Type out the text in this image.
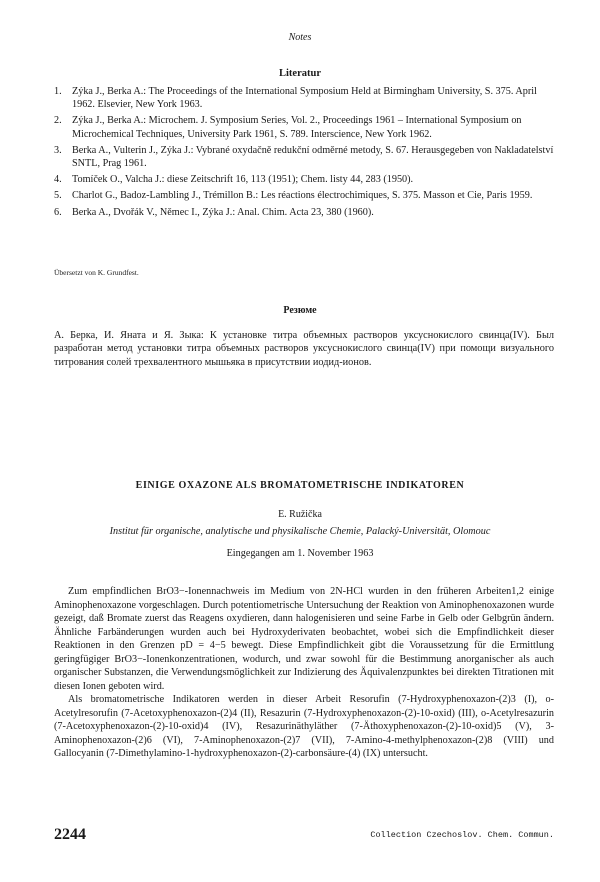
Notes
Literatur
1. Zýka J., Berka A.: The Proceedings of the International Symposium Held at Birmingham University, S. 375. April 1962. Elsevier, New York 1963.
2. Zýka J., Berka A.: Microchem. J. Symposium Series, Vol. 2., Proceedings 1961 – International Symposium on Microchemical Techniques, University Park 1961, S. 789. Interscience, New York 1962.
3. Berka A., Vulterin J., Zýka J.: Vybrané oxydačně redukční odměrné metody, S. 67. Herausgegeben von Nakladatelství SNTL, Prag 1961.
4. Tomíček O., Valcha J.: diese Zeitschrift 16, 113 (1951); Chem. listy 44, 283 (1950).
5. Charlot G., Badoz-Lambling J., Trémillon B.: Les réactions électrochimiques, S. 375. Masson et Cie, Paris 1959.
6. Berka A., Dvořák V., Němec I., Zýka J.: Anal. Chim. Acta 23, 380 (1960).
Übersetzt von K. Grundfest.
Резюме

А. Берка, И. Яната и Я. Зыка: К установке титра объемных растворов уксуснокислого свинца(IV). Был разработан метод установки титра объемных растворов уксуснокислого свинца(IV) при помощи визуального титрования солей трехвалентного мышьяка в присутствии иодид-ионов.

EINIGE OXAZONE ALS BROMATOMETRISCHE INDIKATOREN
E. Ružička
Institut für organische, analytische und physikalische Chemie, Palacký-Universität, Olomouc
Eingegangen am 1. November 1963

Zum empfindlichen BrO3−-Ionennachweis im Medium von 2N-HCl wurden in den früheren Arbeiten1,2 einige Aminophenoxazone vorgeschlagen. Durch potentiometrische Untersuchung der Reaktion von Aminophenoxazonen wurde gezeigt, daß Bromate zuerst das Reagens oxydieren, dann halogenisieren und seine Farbe in Gelb oder Gelbgrün ändern. Ähnliche Farbänderungen wurden auch bei Hydroxyderivaten beobachtet, wobei sich die Empfindlichkeit dieser Reaktionen in den Grenzen pD = 4−5 bewegt. Diese Empfindlichkeit gibt die Voraussetzung für die Ermittlung geringfügiger BrO3−-Ionenkonzentrationen, wodurch, und zwar sowohl für die Bestimmung anorganischer als auch organischer Substanzen, die Verwendungsmöglichkeit zur Indizierung des Äquivalenzpunktes bei direkten Titrationen mit diesen Ionen geboten wird.

Als bromatometrische Indikatoren werden in dieser Arbeit Resorufin (7-Hydroxyphenoxazon-(2)3 (I), o-Acetylresorufin (7-Acetoxyphenoxazon-(2)4 (II), Resazurin (7-Hydroxyphenoxazon-(2)-10-oxid) (III), o-Acetylresazurin (7-Acetoxyphenoxazon-(2)-10-oxid)4 (IV), Resazurinäthyläther (7-Äthoxyphenoxazon-(2)-10-oxid)5 (V), 3-Aminophenoxazon-(2)6 (VI), 7-Aminophenoxazon-(2)7 (VII), 7-Amino-4-methylphenoxazon-(2)8 (VIII) und Gallocyanin (7-Dimethylamino-1-hydroxyphenoxazon-(2)-carbonsäure-(4) (IX) untersucht.

2244	Collection Czechoslov. Chem. Commun.
